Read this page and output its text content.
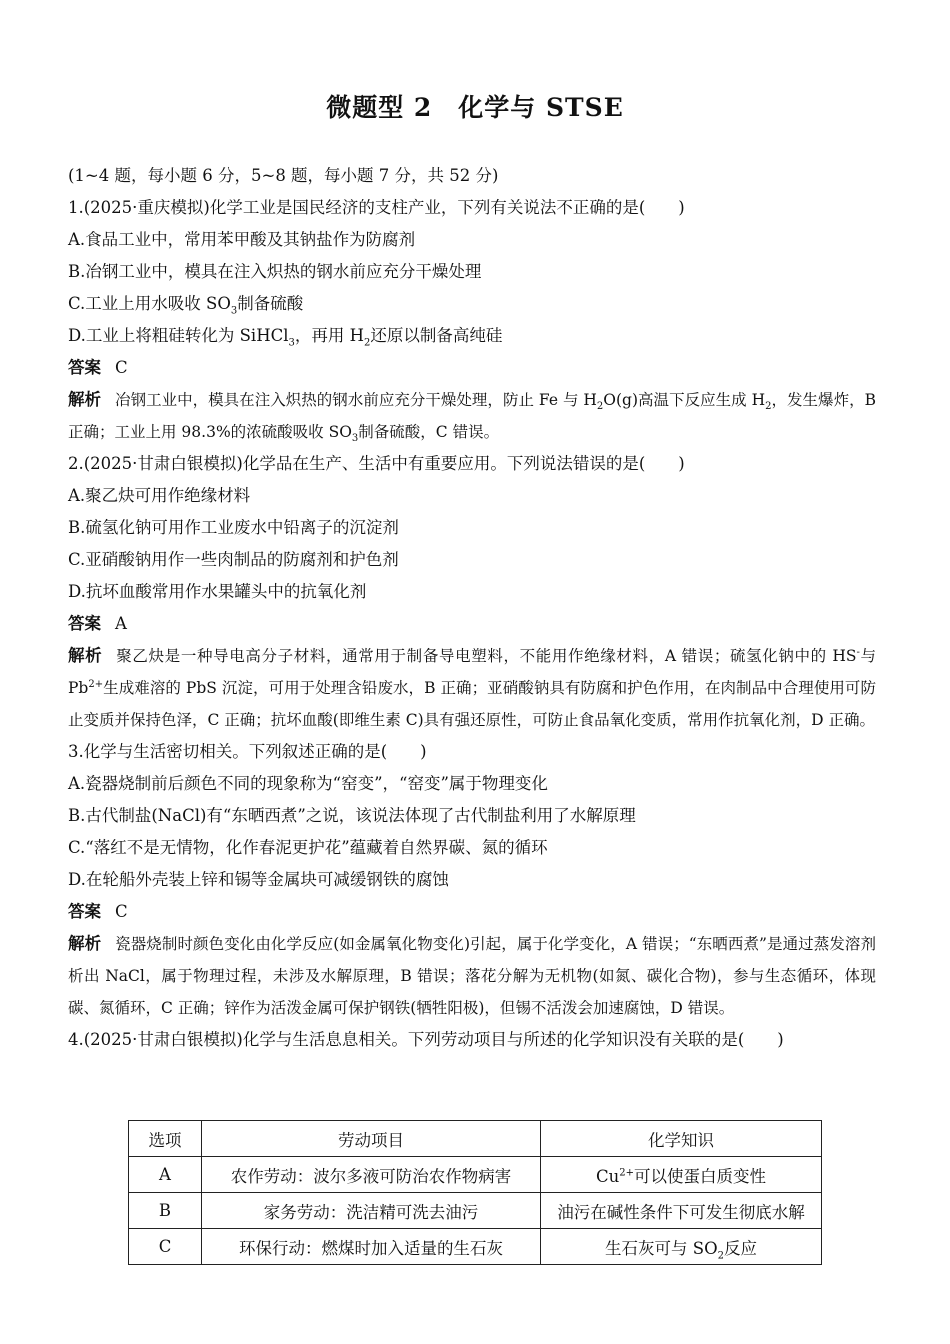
微题型 2　化学与 STSE
(1~4 题，每小题 6 分，5~8 题，每小题 7 分，共 52 分)
1.(2025·重庆模拟)化学工业是国民经济的支柱产业，下列有关说法不正确的是(　　)
A.食品工业中，常用苯甲酸及其钠盐作为防腐剂
B.冶钢工业中，模具在注入炽热的钢水前应充分干燥处理
C.工业上用水吸收 $SO_3$制备硫酸
D.工业上将粗硅转化为 SiHCl$_3$，再用 $H_2$还原以制备高纯硅
答案 C
解析 冶钢工业中，模具在注入炽热的钢水前应充分干燥处理，防止 Fe 与 $H_2O(g)$高温下反应生成 $H_2$，发生爆炸，B 正确；工业上用 98.3%的浓硫酸吸收 $SO_3$制备硫酸，C 错误。
2.(2025·甘肃白银模拟)化学品在生产、生活中有重要应用。下列说法错误的是(　　)
A.聚乙炔可用作绝缘材料
B.硫氢化钠可用作工业废水中铅离子的沉淀剂
C.亚硝酸钠用作一些肉制品的防腐剂和护色剂
D.抗坏血酸常用作水果罐头中的抗氧化剂
答案 A
解析 聚乙炔是一种导电高分子材料，通常用于制备导电塑料，不能用作绝缘材料，A 错误；硫氢化钠中的 HS-与 $Pb^{2+}$生成难溶的 PbS 沉淀，可用于处理含铅废水，B 正确；亚硝酸钠具有防腐和护色作用，在肉制品中合理使用可防止变质并保持色泽，C 正确；抗坏血酸(即维生素 C)具有强还原性，可防止食品氧化变质，常用作抗氧化剂，D 正确。
3.化学与生活密切相关。下列叙述正确的是(　　)
A.瓷器烧制前后颜色不同的现象称为“窑变”，“窑变”属于物理变化
B.古代制盐(NaCl)有“东晒西煮”之说，该说法体现了古代制盐利用了水解原理
C.“落红不是无情物，化作春泥更护花”蕴藏着自然界碳、氮的循环
D.在轮船外壳装上锌和锡等金属块可减缓钢铁的腐蚀
答案 C
解析 瓷器烧制时颜色变化由化学反应(如金属氧化物变化)引起，属于化学变化，A 错误；“东晒西煮”是通过蒸发溶剂析出 NaCl，属于物理过程，未涉及水解原理，B 错误；落花分解为无机物(如氮、碳化合物)，参与生态循环，体现碳、氮循环，C 正确；锌作为活泼金属可保护钢铁(牺牲阳极)，但锡不活泼会加速腐蚀，D 错误。
4.(2025·甘肃白银模拟)化学与生活息息相关。下列劳动项目与所述的化学知识没有关联的是(　　)
选项	劳动项目	化学知识
A	农作劳动：波尔多液可防治农作物病害	$Cu^{2+}$可以使蛋白质变性
B	家务劳动：洗洁精可洗去油污	油污在碱性条件下可发生彻底水解
C	环保行动：燃煤时加入适量的生石灰	生石灰可与 $SO_2$反应
